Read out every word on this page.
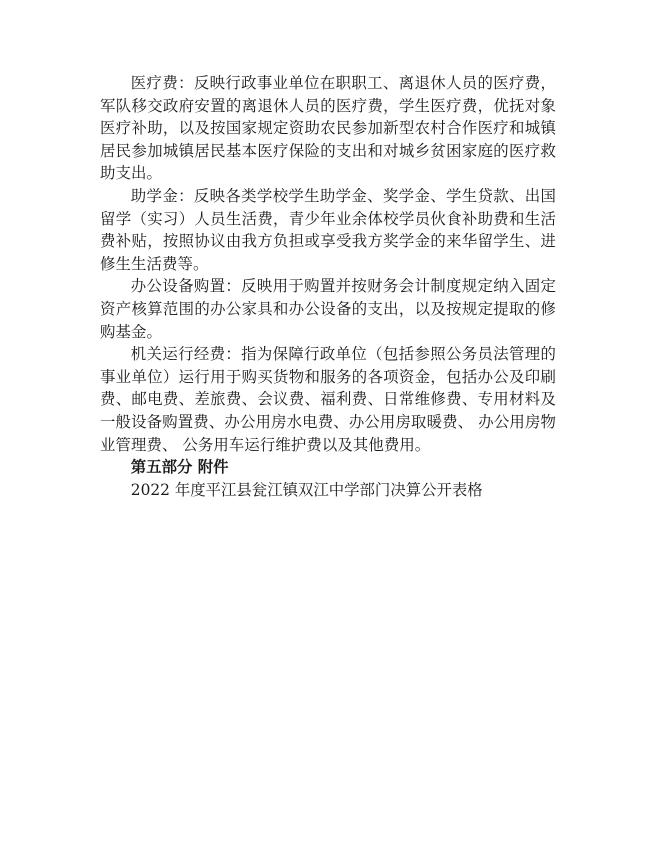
医疗费：反映行政事业单位在职职工、离退休人员的医疗费，军队移交政府安置的离退休人员的医疗费，学生医疗费，优抚对象医疗补助，以及按国家规定资助农民参加新型农村合作医疗和城镇居民参加城镇居民基本医疗保险的支出和对城乡贫困家庭的医疗救助支出。

助学金：反映各类学校学生助学金、奖学金、学生贷款、出国留学（实习）人员生活费，青少年业余体校学员伙食补助费和生活费补贴，按照协议由我方负担或享受我方奖学金的来华留学生、进修生生活费等。

办公设备购置：反映用于购置并按财务会计制度规定纳入固定资产核算范围的办公家具和办公设备的支出，以及按规定提取的修购基金。

机关运行经费：指为保障行政单位（包括参照公务员法管理的事业单位）运行用于购买货物和服务的各项资金，包括办公及印刷费、邮电费、差旅费、会议费、福利费、日常维修费、专用材料及一般设备购置费、办公用房水电费、办公用房取暖费、 办公用房物业管理费、 公务用车运行维护费以及其他费用。

第五部分 附件

2022 年度平江县瓮江镇双江中学部门决算公开表格
